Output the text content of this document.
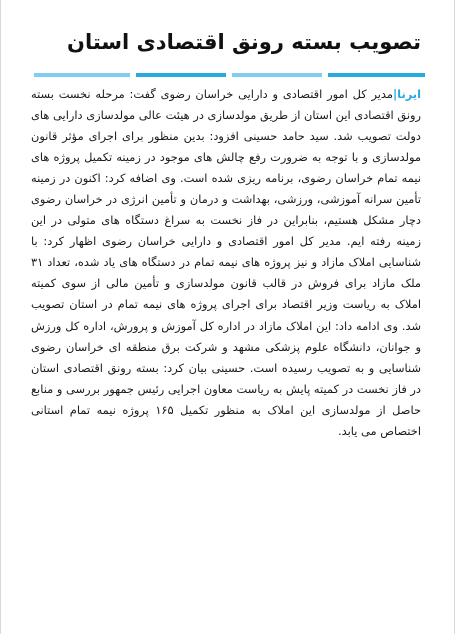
تصویب بسته رونق اقتصادی استان

ایرنا|مدیر کل امور اقتصادی و دارایی خراسان رضوی گفت: مرحله نخست بسته رونق اقتصادی این استان از طریق مولدسازی در هیئت عالی مولدسازی دارایی های دولت تصویب شد. سید حامد حسینی افزود: بدین منظور برای اجرای مؤثر قانون مولدسازی و با توجه به ضرورت رفع چالش های موجود در زمینه تکمیل پروژه های نیمه تمام خراسان رضوی، برنامه ریزی شده است. وی اضافه کرد: اکنون در زمینه تأمین سرانه آموزشی، ورزشی، بهداشت و درمان و تأمین انرژی در خراسان رضوی دچار مشکل هستیم، بنابراین در فاز نخست به سراغ دستگاه های متولی در این زمینه رفته ایم. مدیر کل امور اقتصادی و دارایی خراسان رضوی اظهار کرد: با شناسایی املاک مازاد و نیز پروژه های نیمه تمام در دستگاه های یاد شده، تعداد ۳۱ ملک مازاد برای فروش در قالب قانون مولدسازی و تأمین مالی از سوی کمیته املاک به ریاست وزیر اقتصاد برای اجرای پروژه های نیمه تمام در استان تصویب شد. وی ادامه داد: این املاک مازاد در اداره کل آموزش و پرورش، اداره کل ورزش و جوانان، دانشگاه علوم پزشکی مشهد و شرکت برق منطقه ای خراسان رضوی شناسایی و به تصویب رسیده است. حسینی بیان کرد: بسته رونق اقتصادی استان در فاز نخست در کمیته پایش به ریاست معاون اجرایی رئیس جمهور بررسی و منابع حاصل از مولدسازی این املاک به منظور تکمیل ۱۶۵ پروژه نیمه تمام استانی اختصاص می یابد.
